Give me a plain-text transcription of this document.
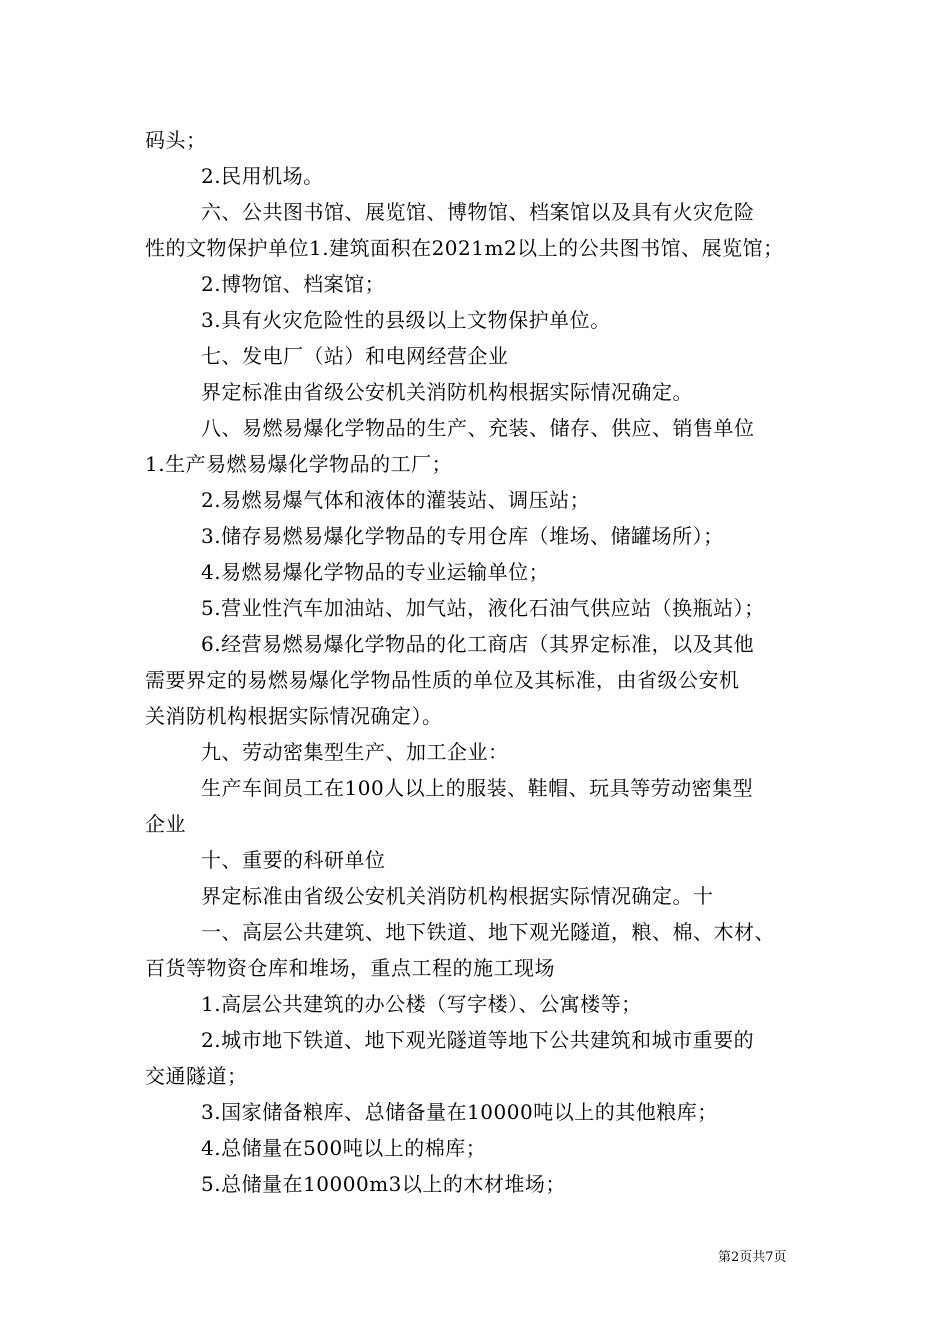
码头；
2.民用机场。
六、公共图书馆、展览馆、博物馆、档案馆以及具有火灾危险
性的文物保护单位1.建筑面积在2021m2以上的公共图书馆、展览馆；
2.博物馆、档案馆；
3.具有火灾危险性的县级以上文物保护单位。
七、发电厂（站）和电网经营企业
界定标准由省级公安机关消防机构根据实际情况确定。
八、易燃易爆化学物品的生产、充装、储存、供应、销售单位
1.生产易燃易爆化学物品的工厂；
2.易燃易爆气体和液体的灌装站、调压站；
3.储存易燃易爆化学物品的专用仓库（堆场、储罐场所）；
4.易燃易爆化学物品的专业运输单位；
5.营业性汽车加油站、加气站，液化石油气供应站（换瓶站）；
6.经营易燃易爆化学物品的化工商店（其界定标准，以及其他
需要界定的易燃易爆化学物品性质的单位及其标准，由省级公安机
关消防机构根据实际情况确定）。
九、劳动密集型生产、加工企业：
生产车间员工在100人以上的服装、鞋帽、玩具等劳动密集型
企业
十、重要的科研单位
界定标准由省级公安机关消防机构根据实际情况确定。十
一、高层公共建筑、地下铁道、地下观光隧道，粮、棉、木材、
百货等物资仓库和堆场，重点工程的施工现场
1.高层公共建筑的办公楼（写字楼）、公寓楼等；
2.城市地下铁道、地下观光隧道等地下公共建筑和城市重要的
交通隧道；
3.国家储备粮库、总储备量在10000吨以上的其他粮库；
4.总储量在500吨以上的棉库；
5.总储量在10000m3以上的木材堆场；
第2页共7页
